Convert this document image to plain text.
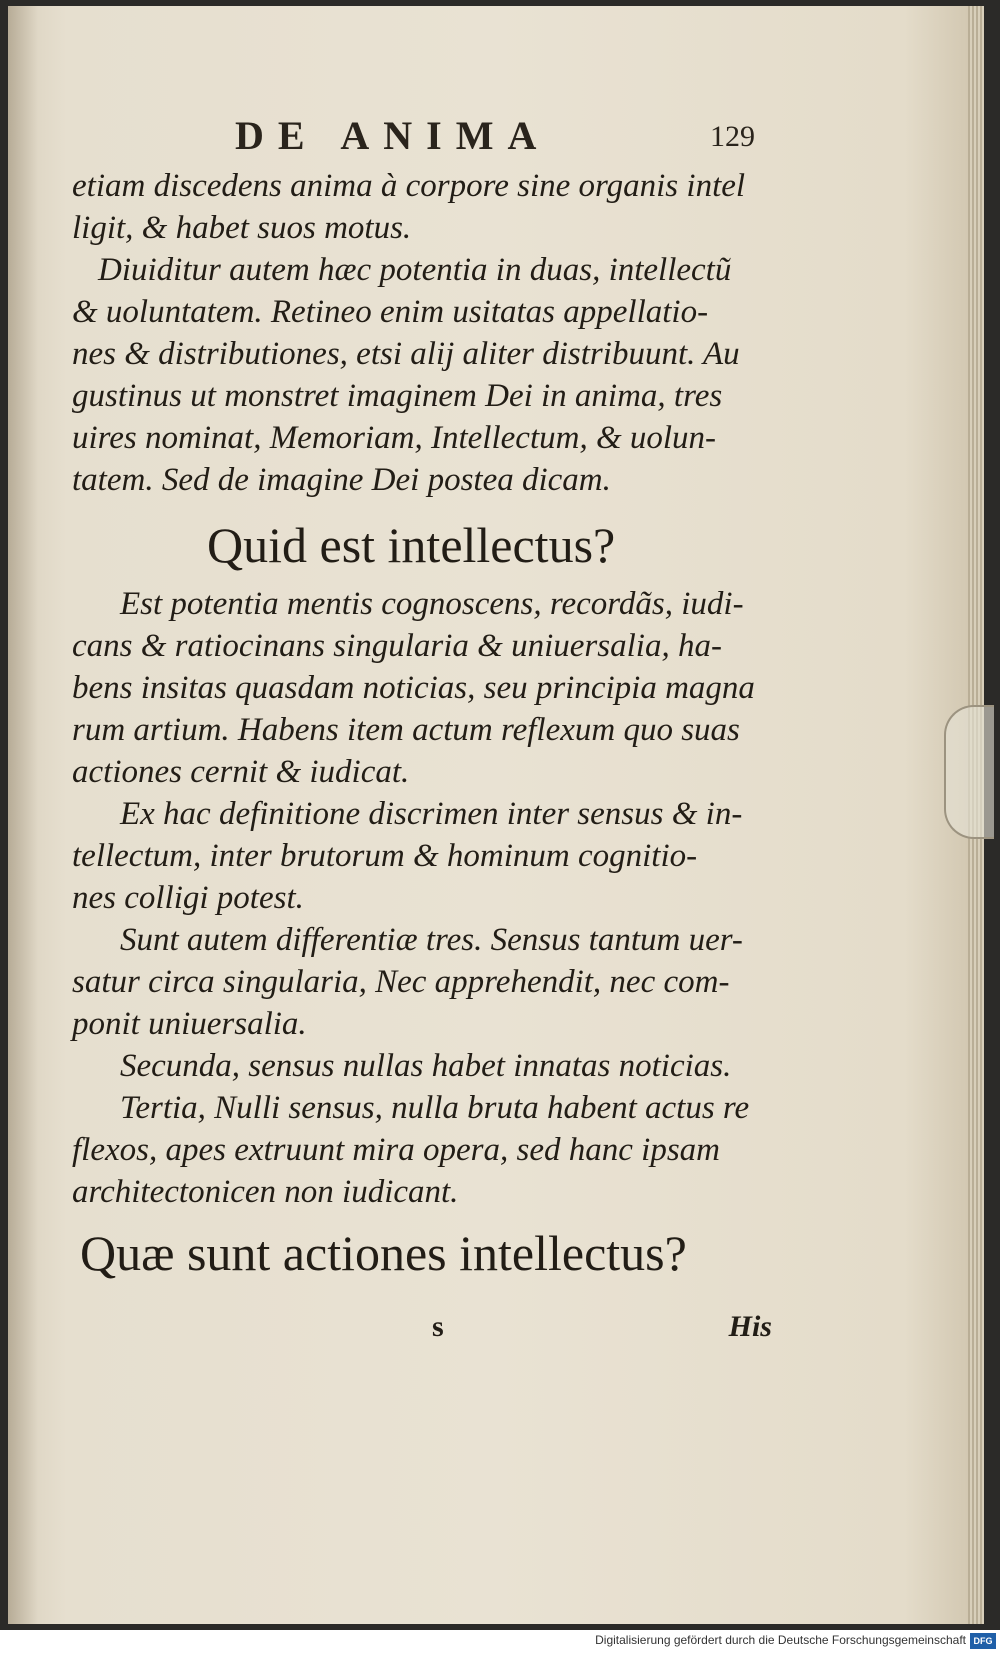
DE ANIMA	129
etiam discedens anima à corpore sine organis intel
ligit, & habet suos motus.
Diuiditur autem hæc potentia in duas, intellectũ
& uoluntatem. Retineo enim usitatas appellatio-
nes & distributiones, etsi alij aliter distribuunt. Au
gustinus ut monstret imaginem Dei in anima, tres
uires nominat, Memoriam, Intellectum, & uolun-
tatem. Sed de imagine Dei postea dicam.
Quid est intellectus?
Est potentia mentis cognoscens, recordãs, iudi-
cans & ratiocinans singularia & uniuersalia, ha-
bens insitas quasdam noticias, seu principia magna
rum artium. Habens item actum reflexum quo suas
actiones cernit & iudicat.
Ex hac definitione discrimen inter sensus & in-
tellectum, inter brutorum & hominum cognitio-
nes colligi potest.
Sunt autem differentiæ tres. Sensus tantum uer-
satur circa singularia, Nec apprehendit, nec com-
ponit uniuersalia.
Secunda, sensus nullas habet innatas noticias.
Tertia, Nulli sensus, nulla bruta habent actus re
flexos, apes extruunt mira opera, sed hanc ipsam
architectonicen non iudicant.
Quæ sunt actiones intellectus?
s	His
Digitalisierung gefördert durch die Deutsche Forschungsgemeinschaft DFG
